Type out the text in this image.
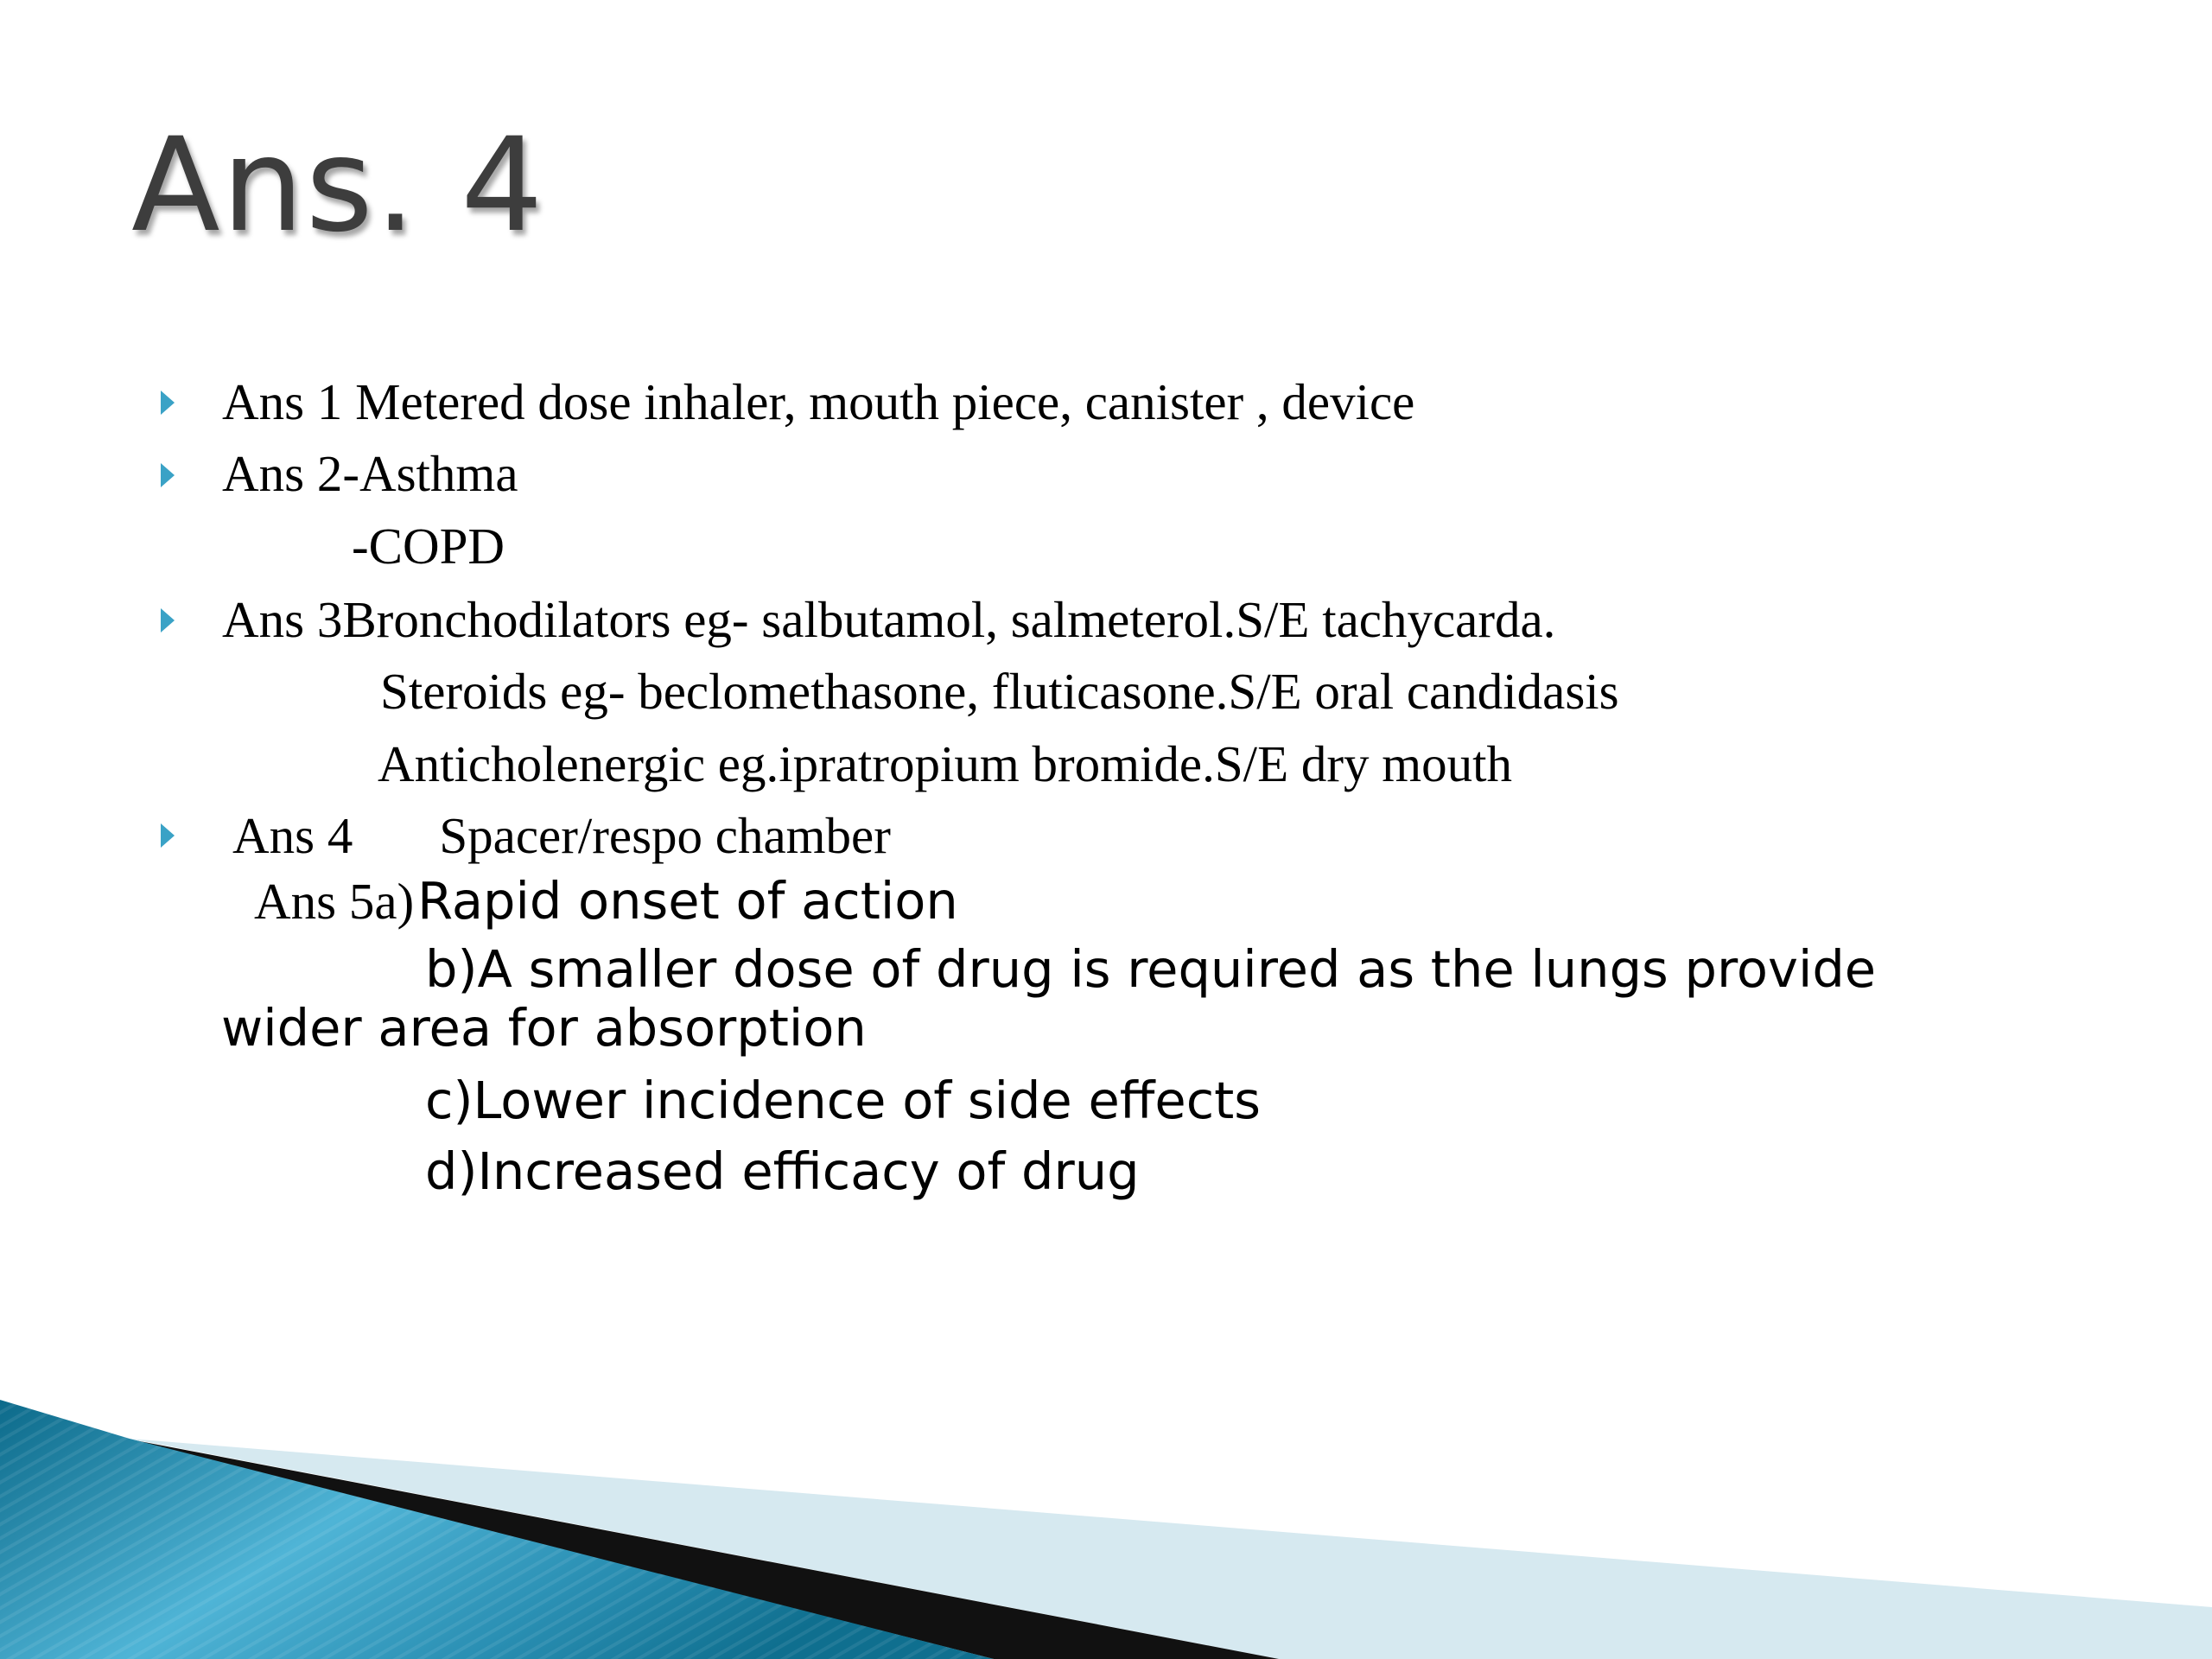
Ans. 4
Ans 1 Metered dose inhaler, mouth piece, canister , device
Ans 2-Asthma
-COPD
Ans 3Bronchodilators eg- salbutamol, salmeterol.S/E tachycarda.
Steroids eg- beclomethasone, fluticasone.S/E oral candidasis
Anticholenergic eg.ipratropium bromide.S/E dry mouth
Ans 4 Spacer/respo chamber
Ans 5a) Rapid onset of action
b)A smaller dose of drug is required as the lungs provide
wider area for absorption
c)Lower incidence of side effects
d)Increased efficacy of drug
